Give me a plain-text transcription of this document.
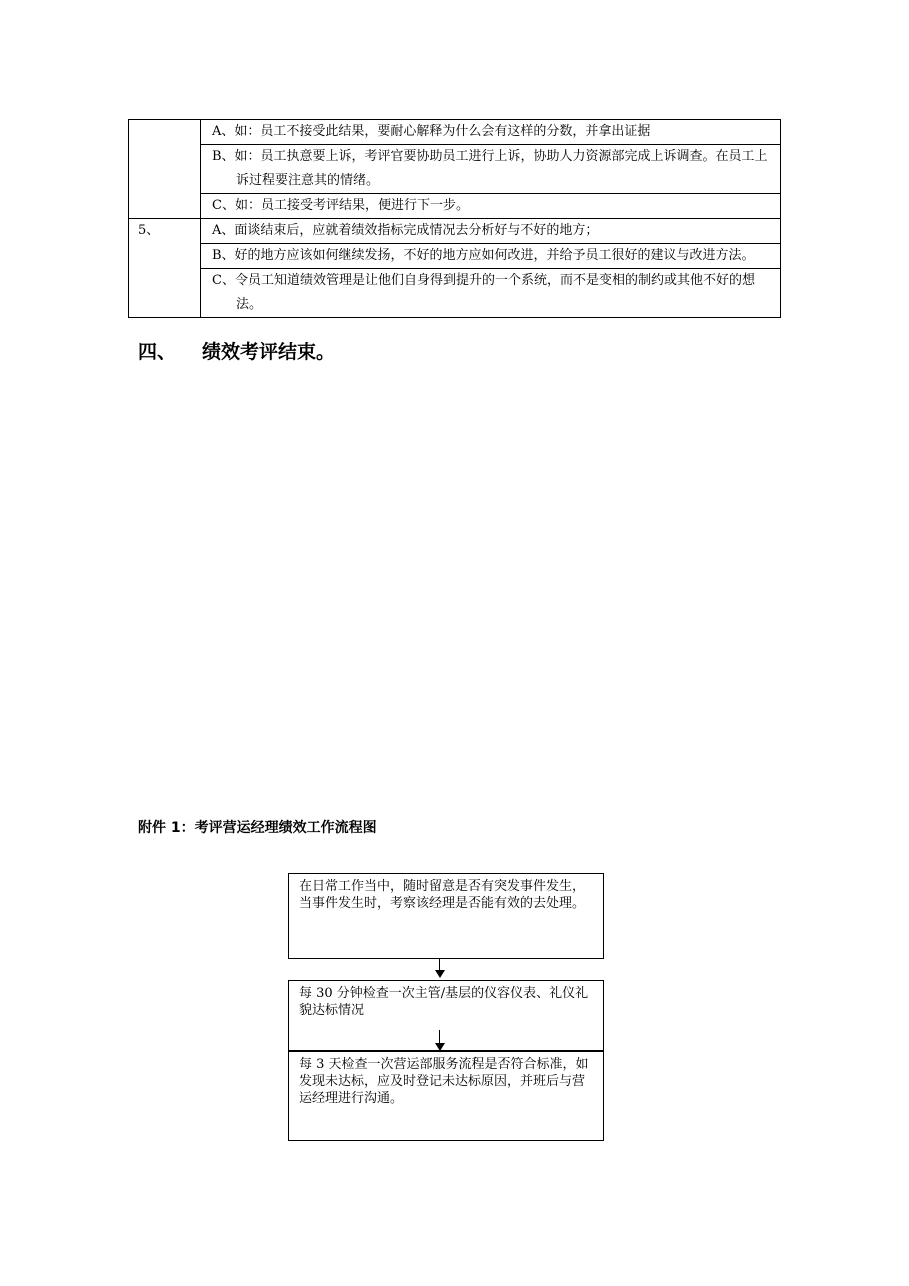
	A、如：员工不接受此结果，要耐心解释为什么会有这样的分数，并拿出证据

	B、如：员工执意要上诉，考评官要协助员工进行上诉，协助人力资源部完成上诉调查。在员工上诉过程要注意其的情绪。

	C、如：员工接受考评结果，便进行下一步。

5、	A、面谈结束后，应就着绩效指标完成情况去分析好与不好的地方；

	B、好的地方应该如何继续发扬，不好的地方应如何改进，并给予员工很好的建议与改进方法。

	C、令员工知道绩效管理是让他们自身得到提升的一个系统，而不是变相的制约或其他不好的想法。
四、 绩效考评结束。
附件 1：考评营运经理绩效工作流程图
在日常工作当中，随时留意是否有突发事件发生，当事件发生时，考察该经理是否能有效的去处理。
每 30 分钟检查一次主管/基层的仪容仪表、礼仪礼貌达标情况
每 3 天检查一次营运部服务流程是否符合标准，如发现未达标，应及时登记未达标原因，并班后与营运经理进行沟通。
